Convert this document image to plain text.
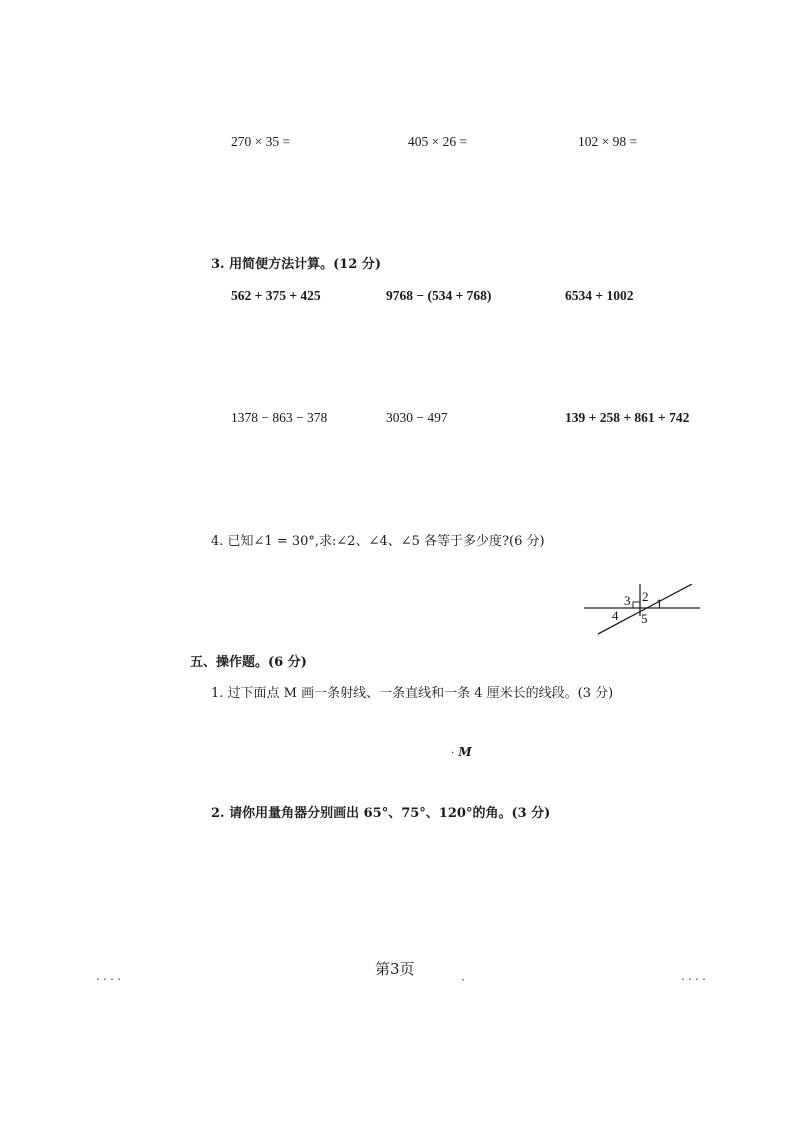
270 × 35 =	405 × 26 =	102 × 98 =
3. 用简便方法计算。(12 分)
562 + 375 + 425	9768 − (534 + 768)	6534 + 1002
1378 − 863 − 378	3030 − 497	139 + 258 + 861 + 742
4. 已知∠1 = 30°,求:∠2、∠4、∠5 各等于多少度?(6 分)
3 2 1
4 5
五、操作题。(6 分)
1. 过下面点 M 画一条射线、一条直线和一条 4 厘米长的线段。(3 分)
· M
2. 请你用量角器分别画出 65°、75°、120°的角。(3 分)
....	第3页
·	....
